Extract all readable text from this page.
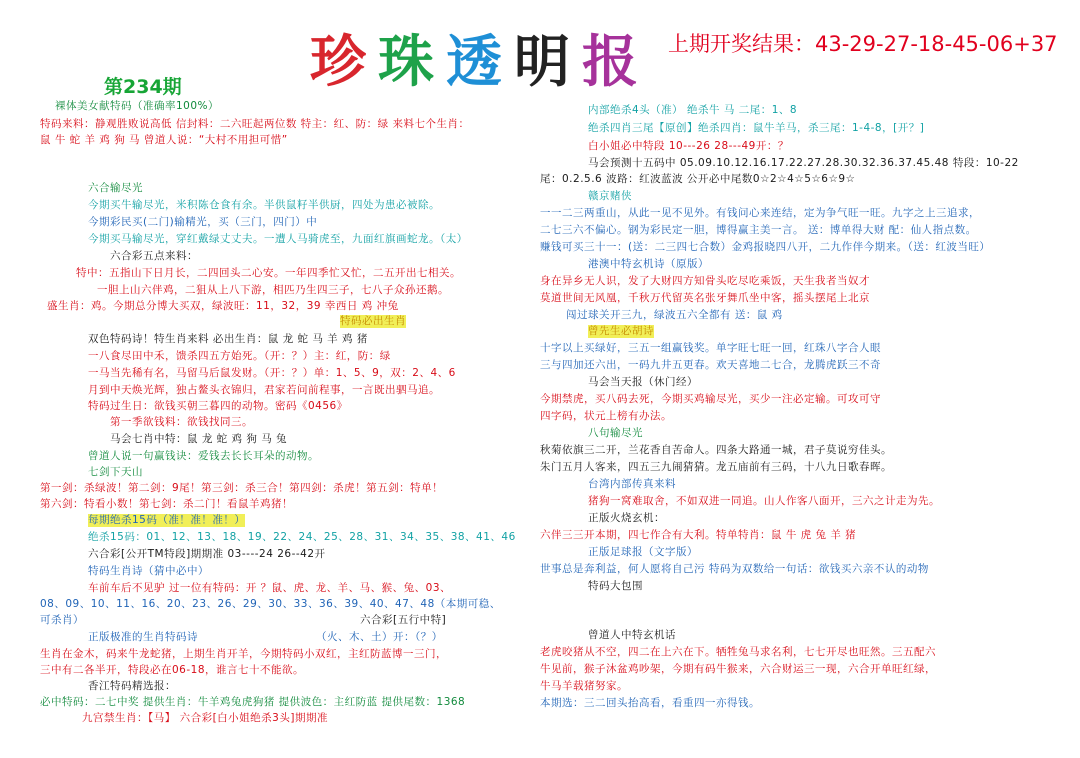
珍 珠 透 明 报	上期开奖结果：43-29-27-18-45-06+37
第234期
裸体美女献特码（准确率100%）
特码来料：静观胜败说高低 信封料：二六旺起两位数 特主：红、防：绿 来料七个生肖：
鼠 牛 蛇 羊 鸡 狗 马 曾道人说：“大村不用担可惜”
六合输尽光
今期买牛输尽光，米积陈仓食有余。半供鼠籽半供厨，四处为患必被除。
今期彩民买(二门)输精光，买（三门，四门）中
今期买马输尽光，穿红戴绿丈丈夫。一遭人马骑虎至，九面红旗画蛇龙。（太）
六合彩五点来料：
特中：五指山下日月长，二四回头二心安。一年四季忙又忙，二五开出七相关。
一胆上山六伴鸡，二狙从上八下游，相匹乃生四三子，七八子众孙还鹅。
盛生肖：鸡。今期总分博大买双，绿波旺：11，32，39 幸西日 鸡 冲兔
特码必出生肖
双色特码诗！特生肖来料 必出生肖：鼠 龙 蛇 马 羊 鸡 猪
一八食尽田中禾，馈杀四五方始死。（开：？）主：红，防：绿
一马当先稀有名，马留马后鼠发财。（开：？）单：1、5、9，双：2、4、6
月到中天焕光辉，独占鳌头衣锦归，君家若问前程事，一言既出驷马追。
特码过生日：欲钱买朝三暮四的动物。密码《0456》
第一季欲钱料：欲钱找同三。
马会七肖中特：鼠 龙 蛇 鸡 狗 马 兔
曾道人说一句赢钱诀：爱钱去长长耳朵的动物。
七剑下天山
第一剑：杀绿波！第二剑：9尾！第三剑：杀三合！第四剑：杀虎！第五剑：特单！
第六剑：特看小数！第七剑：杀二门！看鼠羊鸡猪！
每期绝杀15码（准！准！准！）
绝杀15码：01、12、13、18、19、22、24、25、28、31、34、35、38、41、46
六合彩[公开TM特段]期期准 03----24 26--42开
特码生肖诗（猜中必中）
车前车后不见驴 过一位有特码：开 ？鼠、虎、龙、羊、马、猴、兔、03、
08、09、10、11、16、20、23、26、29、30、33、36、39、40、47、48（本期可稳、
可杀肖）	六合彩[五行中特]
正版极准的生肖特码诗	（火、木、土）开：（？）
生肖在金木，码来牛龙蛇猪，上期生肖开羊，今期特码小双红，主红防蓝博一三门，
三中有二各半开，特段必在06-18，谁言七十不能欲。
香江特码精选报：
必中特码：二七中奖 提供生肖：牛羊鸡兔虎狗猪 提供波色：主红防蓝 提供尾数：1368
九宫禁生肖：【马】 六合彩[白小姐绝杀3头]期期准
内部绝杀4头（准） 绝杀牛 马 二尾：1、8
绝杀四肖三尾【原创】绝杀四肖：鼠牛羊马，杀三尾：1-4-8，[开？]
白小姐必中特段 10---26 28---49开：？
马会预测十五码中 05.09.10.12.16.17.22.27.28.30.32.36.37.45.48 特段：10-22
尾：0.2.5.6 波路：红波蓝波 公开必中尾数0☆2☆4☆5☆6☆9☆
赣京赌侠
一一二三两重山，从此一见不见外。有钱问心来连结，定为争气旺一旺。九字之上三追求，
二七三六不偏心。钢为彩民定一胆，博得赢主美一言。 送：博单得大财 配：仙人指点数。
赚钱可买三十一：(送：二三四七合数）金鸡报晓四八开，二九作伴今期来。（送：红波当旺）
港澳中特玄机诗（原版）
身在异乡无人识，发了大财四方知骨头吃尽吃乘饭，天生我者当奴才
莫道世间无风凰，千秋万代留英名张牙舞爪坐中客，摇头摆尾上北京
闯过球关开三九，绿波五六全都有 送：鼠 鸡
曾先生必胡诗
十字以上买绿好，三五一组赢钱奖。单字旺七旺一回，红珠八字合人眼
三与四加还六出，一码九井五更春。欢天喜地二七合，龙腾虎跃三不奇
马会当天报（休门经）
今期禁虎，买八码去死，今期买鸡输尽光，买少一注必定输。可攻可守
四字码，状元上榜有办法。
八句输尽光
秋菊依旗三二开，兰花香自苦命人。四条大路通一城，君子莫说穷佳头。
朱门五月人客来，四五三九闹猜猜。龙五庙前有三码，十八九日歌春晖。
台湾内部传真来料
猪狗一窝难取舍，不如双进一同追。山人作客八面开，三六之计走为先。
正版火烧玄机：
六伴三三开本期，四七作合有大利。特单特肖：鼠 牛 虎 兔 羊 猪
正版足球报（文字版）
世事总是奔利益，何人愿将自己污 特码为双数给一句话：欲钱买六亲不认的动物
特码大包围
曾道人中特玄机话
老虎咬猪从不空，四二在上六在下。牺牲兔马求名利，七七开尽也旺然。三五配六
牛见前，猴子沐盆鸡吵架，今期有码牛猴来，六合财运三一现，六合开单旺红绿，
牛马羊载猪努家。
本期选：三二回头抬高看，看重四一亦得钱。
